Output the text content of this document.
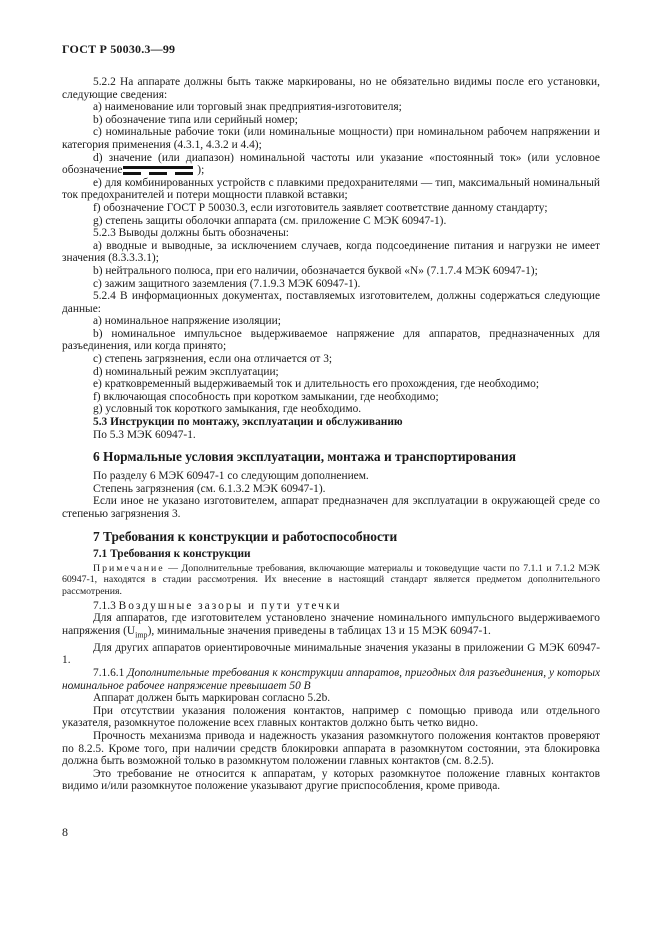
ГОСТ Р 50030.3—99

5.2.2 На аппарате должны быть также маркированы, но не обязательно видимы после его установки, следующие сведения:

а) наименование или торговый знак предприятия-изготовителя;

b) обозначение типа или серийный номер;

c) номинальные рабочие токи (или номинальные мощности) при номинальном рабочем напряжении и категория применения (4.3.1, 4.3.2 и 4.4);

d) значение (или диапазон) номинальной частоты или указание «постоянный ток» (или условное обозначение	);

e) для комбинированных устройств с плавкими предохранителями — тип, максимальный номинальный ток предохранителей и потери мощности плавкой вставки;

f) обозначение ГОСТ Р 50030.3, если изготовитель заявляет соответствие данному стандарту;

g) степень защиты оболочки аппарата (см. приложение С МЭК 60947-1).

5.2.3 Выводы должны быть обозначены:

а) вводные и выводные, за исключением случаев, когда подсоединение питания и нагрузки не имеет значения (8.3.3.3.1);

b) нейтрального полюса, при его наличии, обозначается буквой «N» (7.1.7.4 МЭК 60947-1);

c) зажим защитного заземления (7.1.9.3 МЭК 60947-1).

5.2.4 В информационных документах, поставляемых изготовителем, должны содержаться следующие данные:

а) номинальное напряжение изоляции;

b) номинальное импульсное выдерживаемое напряжение для аппаратов, предназначенных для разъединения, или когда принято;

c) степень загрязнения, если она отличается от 3;

d) номинальный режим эксплуатации;

e) кратковременный выдерживаемый ток и длительность его прохождения, где необходимо;

f) включающая способность при коротком замыкании, где необходимо;

g) условный ток короткого замыкания, где необходимо.

5.3 Инструкции по монтажу, эксплуатации и обслуживанию

По 5.3 МЭК 60947-1.

6 Нормальные условия эксплуатации, монтажа и транспортирования

По разделу 6 МЭК 60947-1 со следующим дополнением.

Степень загрязнения (см. 6.1.3.2 МЭК 60947-1).

Если иное не указано изготовителем, аппарат предназначен для эксплуатации в окружающей среде со степенью загрязнения 3.

7 Требования к конструкции и работоспособности

7.1 Требования к конструкции

Примечание — Дополнительные требования, включающие материалы и токоведущие части по 7.1.1 и 7.1.2 МЭК 60947-1, находятся в стадии рассмотрения. Их внесение в настоящий стандарт является предметом дополнительного рассмотрения.

7.1.3 Воздушные зазоры и пути утечки

Для аппаратов, где изготовителем установлено значение номинального импульсного выдерживаемого напряжения $(U_{imp})$, минимальные значения приведены в таблицах 13 и 15 МЭК 60947-1.

Для других аппаратов ориентировочные минимальные значения указаны в приложении G МЭК 60947-1.

7.1.6.1 Дополнительные требования к конструкции аппаратов, пригодных для разъединения, у которых номинальное рабочее напряжение превышает 50 В

Аппарат должен быть маркирован согласно 5.2b.

При отсутствии указания положения контактов, например с помощью привода или отдельного указателя, разомкнутое положение всех главных контактов должно быть четко видно.

Прочность механизма привода и надежность указания разомкнутого положения контактов проверяют по 8.2.5. Кроме того, при наличии средств блокировки аппарата в разомкнутом состоянии, эта блокировка должна быть возможной только в разомкнутом положении главных контактов (см. 8.2.5).

Это требование не относится к аппаратам, у которых разомкнутое положение главных контактов видимо и/или разомкнутое положение указывают другие приспособления, кроме привода.

8
